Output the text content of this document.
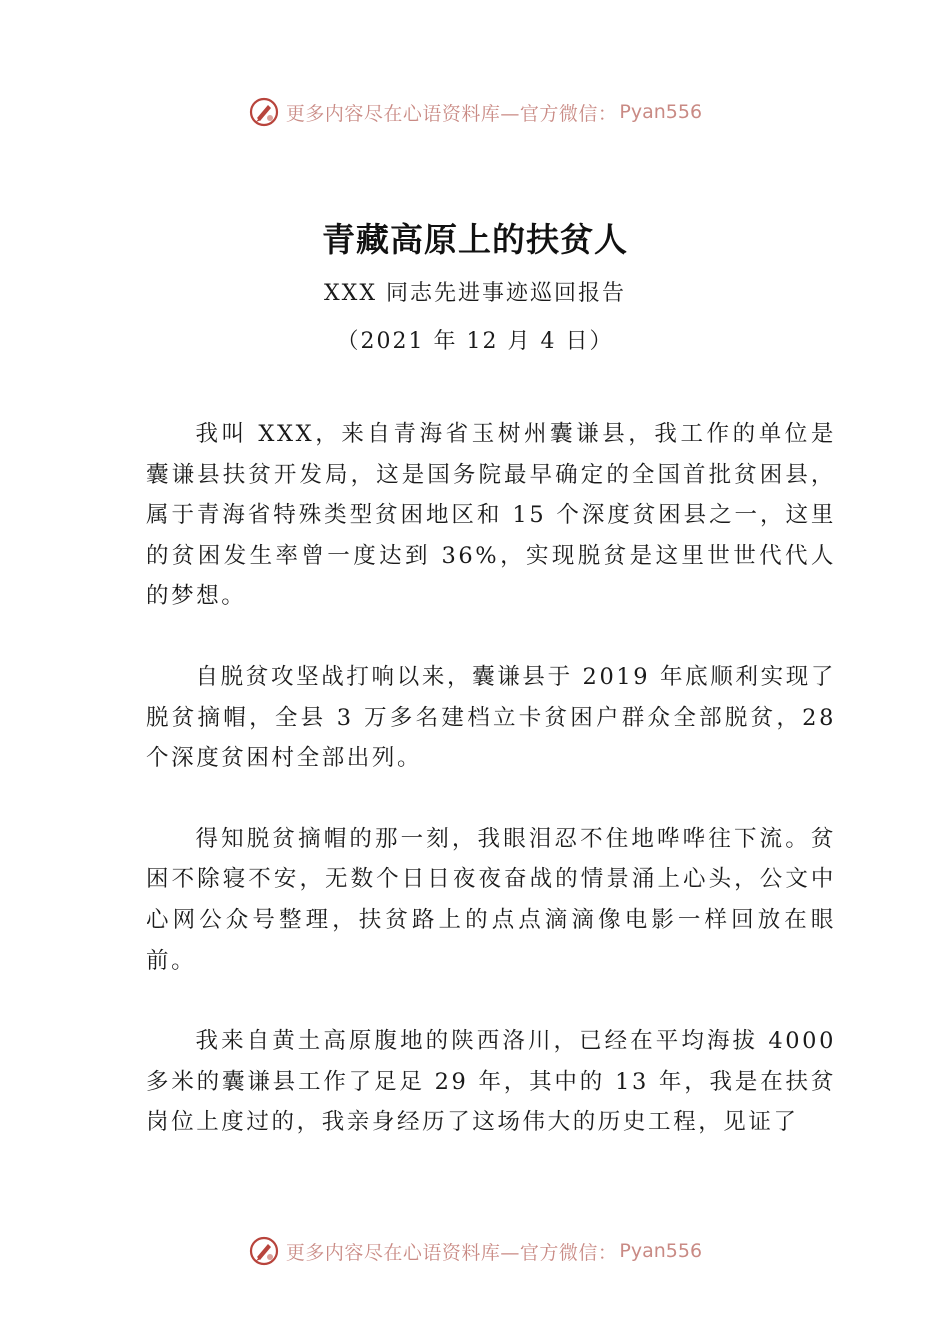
更多内容尽在心语资料库—官方微信： Pyan556
青藏高原上的扶贫人
XXX 同志先进事迹巡回报告
（2021 年 12 月 4 日）

我叫 XXX，来自青海省玉树州囊谦县，我工作的单位是囊谦县扶贫开发局，这是国务院最早确定的全国首批贫困县， 属于青海省特殊类型贫困地区和 15 个深度贫困县之一，这里的贫困发生率曾一度达到 36%，实现脱贫是这里世世代代人的梦想。

自脱贫攻坚战打响以来，囊谦县于 2019 年底顺利实现了脱贫摘帽，全县 3 万多名建档立卡贫困户群众全部脱贫，28 个深度贫困村全部出列。

得知脱贫摘帽的那一刻，我眼泪忍不住地哗哗往下流。贫困不除寝不安，无数个日日夜夜奋战的情景涌上心头，公文中心网公众号整理，扶贫路上的点点滴滴像电影一样回放在眼前。

我来自黄土高原腹地的陕西洛川，已经在平均海拔 4000 多米的囊谦县工作了足足 29 年，其中的 13 年，我是在扶贫岗位上度过的，我亲身经历了这场伟大的历史工程，见证了

更多内容尽在心语资料库—官方微信： Pyan556
